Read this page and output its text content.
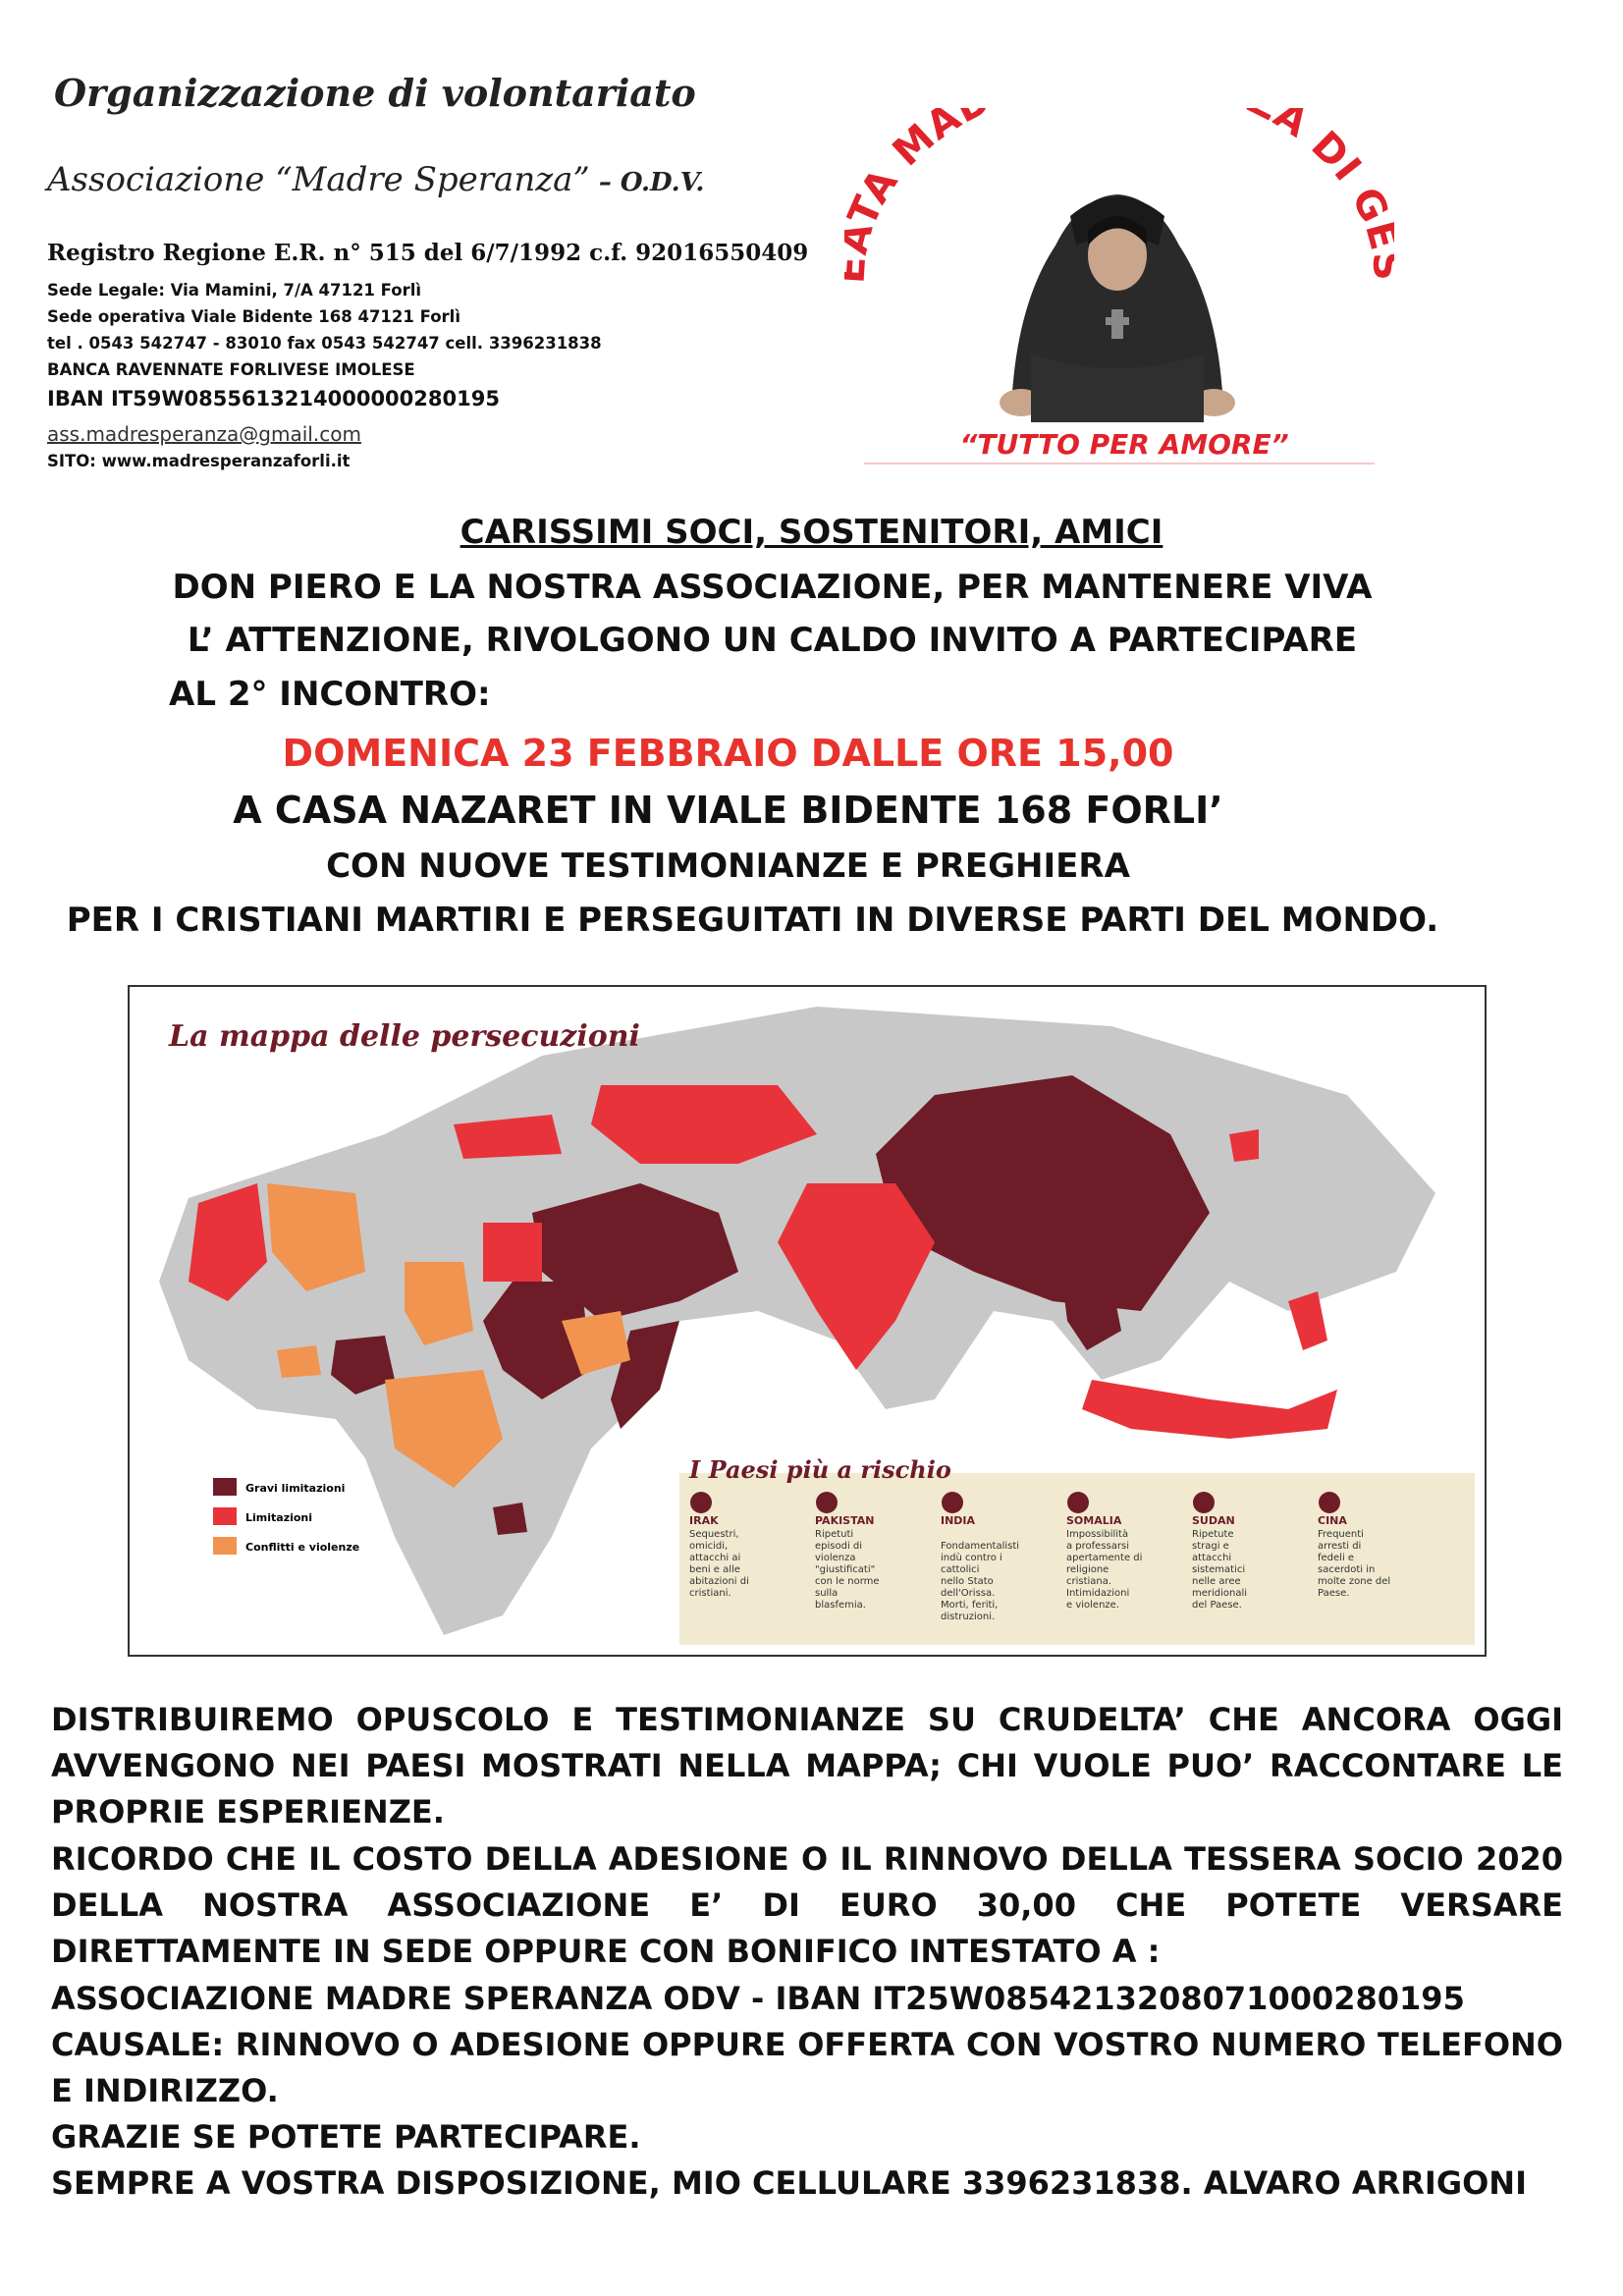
Organizzazione di volontariato
Associazione “Madre Speranza” – O.D.V.
Registro Regione E.R. n° 515 del 6/7/1992 c.f. 92016550409
Sede Legale: Via Mamini, 7/A 47121 Forlì
Sede operativa Viale Bidente 168 47121 Forlì
tel . 0543 542747 - 83010 fax 0543 542747 cell. 3396231838
BANCA RAVENNATE FORLIVESE IMOLESE
IBAN IT59W0855613214000000280195
ass.madresperanza@gmail.com
SITO: www.madresperanzaforli.it
TA MA A DI G
“TUTTO PER AMORE”
CARISSIMI SOCI, SOSTENITORI, AMICI
DON PIERO E LA NOSTRA ASSOCIAZIONE, PER MANTENERE VIVA
L’ ATTENZIONE, RIVOLGONO UN CALDO INVITO A PARTECIPARE
AL 2° INCONTRO:
DOMENICA 23 FEBBRAIO DALLE ORE 15,00
A CASA NAZARET IN VIALE BIDENTE 168 FORLI’
CON NUOVE TESTIMONIANZE E PREGHIERA
PER I CRISTIANI MARTIRI E PERSEGUITATI IN DIVERSE PARTI DEL MONDO.
La mappa delle persecuzioni
Gravi limitazioni
Limitazioni
Conflitti e violenze
I Paesi più a rischio
IRAK
Sequestri,
omicidi,
attacchi ai
beni e alle
abitazioni di
cristiani.
PAKISTAN
Ripetuti
episodi di
violenza
"giustificati"
con le norme
sulla
blasfemia.
INDIA
Fondamentalisti
indù contro i
cattolici
nello Stato
dell'Orissa.
Morti, feriti,
distruzioni.
SOMALIA
Impossibilità
a professarsi
apertamente di
religione
cristiana.
Intimidazioni
e violenze.
SUDAN
Ripetute
stragi e
attacchi
sistematici
nelle aree
meridionali
del Paese.
CINA
Frequenti
arresti di
fedeli e
sacerdoti in
molte zone del
Paese.
DISTRIBUIREMO OPUSCOLO E TESTIMONIANZE SU CRUDELTA’ CHE ANCORA OGGI AVVENGONO NEI PAESI MOSTRATI NELLA MAPPA; CHI VUOLE PUO’ RACCONTARE LE PROPRIE ESPERIENZE.
RICORDO CHE IL COSTO DELLA ADESIONE O IL RINNOVO DELLA TESSERA SOCIO 2020 DELLA NOSTRA ASSOCIAZIONE E’ DI EURO 30,00 CHE POTETE VERSARE DIRETTAMENTE IN SEDE OPPURE CON BONIFICO INTESTATO A :
ASSOCIAZIONE MADRE SPERANZA ODV - IBAN IT25W0854213208071000280195
CAUSALE: RINNOVO O ADESIONE OPPURE OFFERTA CON VOSTRO NUMERO TELEFONO E INDIRIZZO.
GRAZIE SE POTETE PARTECIPARE.
SEMPRE A VOSTRA DISPOSIZIONE, MIO CELLULARE 3396231838. ALVARO ARRIGONI
